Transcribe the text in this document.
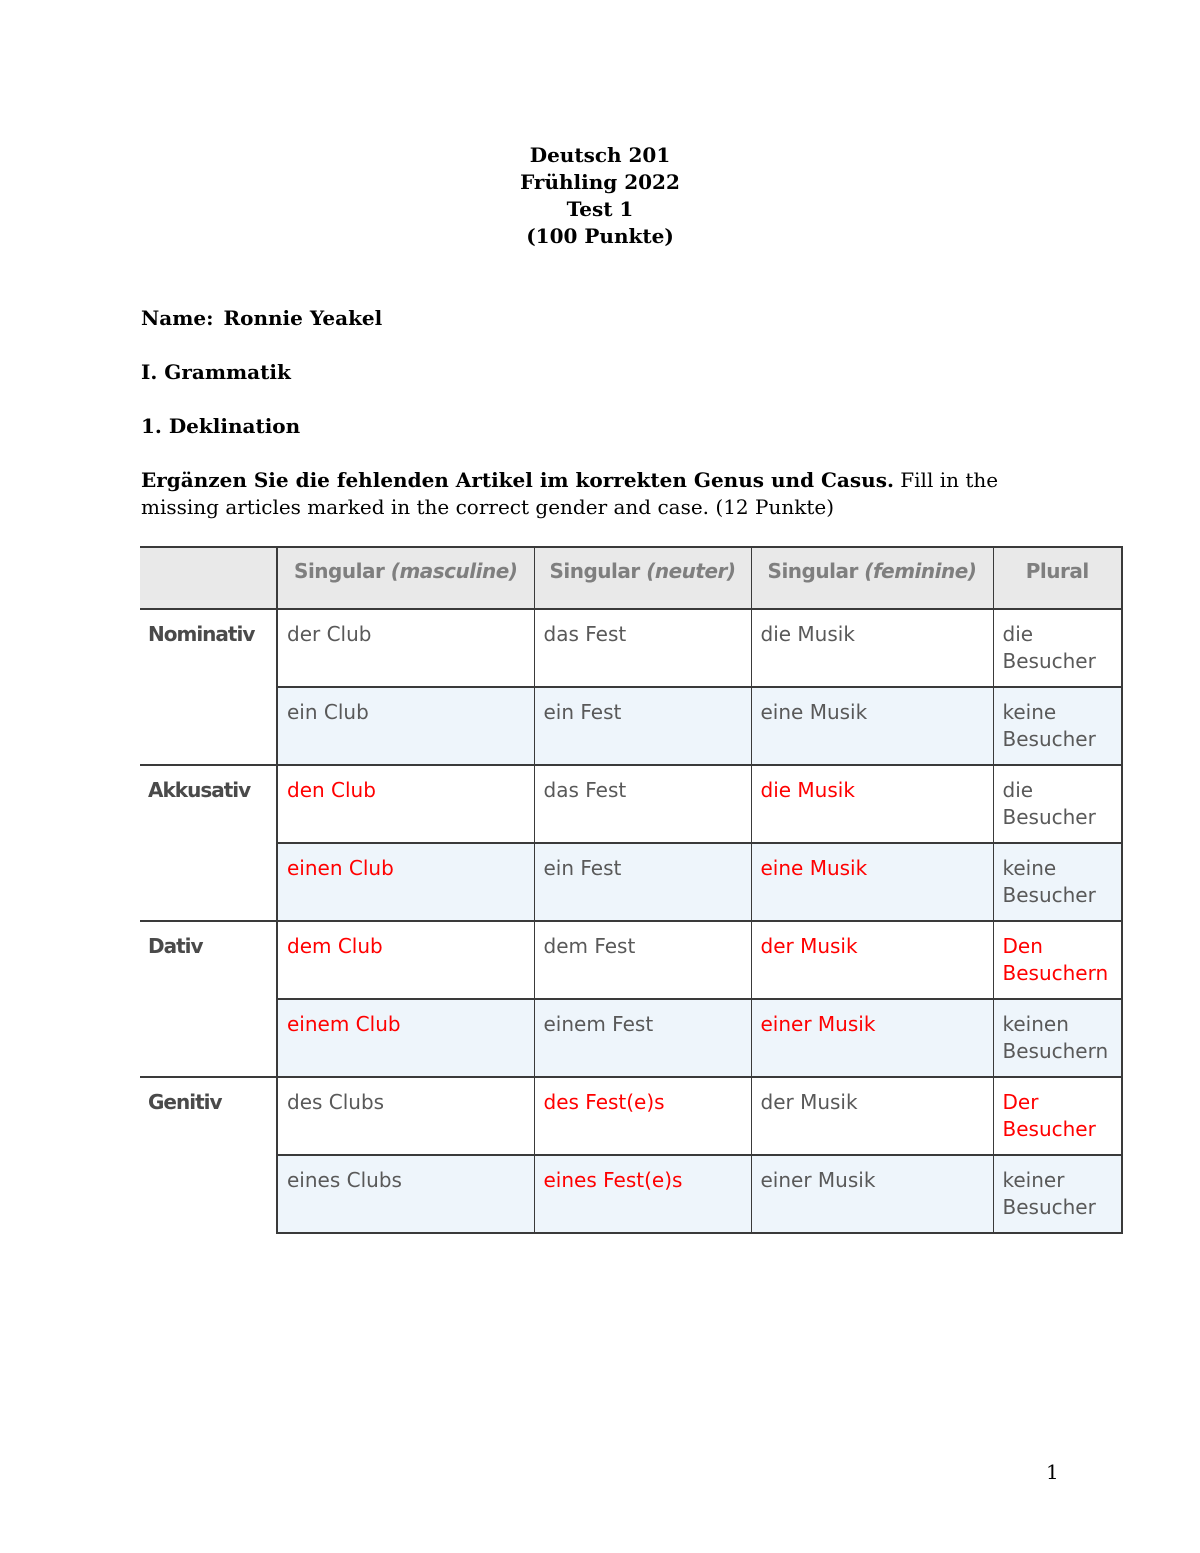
Deutsch 201
Frühling 2022
Test 1
(100 Punkte)
Name: Ronnie Yeakel
I. Grammatik
1. Deklination
Ergänzen Sie die fehlenden Artikel im korrekten Genus und Casus. Fill in the missing articles marked in the correct gender and case. (12 Punkte)
	Singular (masculine)	Singular (neuter)	Singular (feminine)	Plural
Nominativ	der Club	das Fest	die Musik	die Besucher
	ein Club	ein Fest	eine Musik	keine Besucher
Akkusativ	den Club	das Fest	die Musik	die Besucher
	einen Club	ein Fest	eine Musik	keine Besucher
Dativ	dem Club	dem Fest	der Musik	Den Besuchern
	einem Club	einem Fest	einer Musik	keinen Besuchern
Genitiv	des Clubs	des Fest(e)s	der Musik	Der Besucher
	eines Clubs	eines Fest(e)s	einer Musik	keiner Besucher
1
